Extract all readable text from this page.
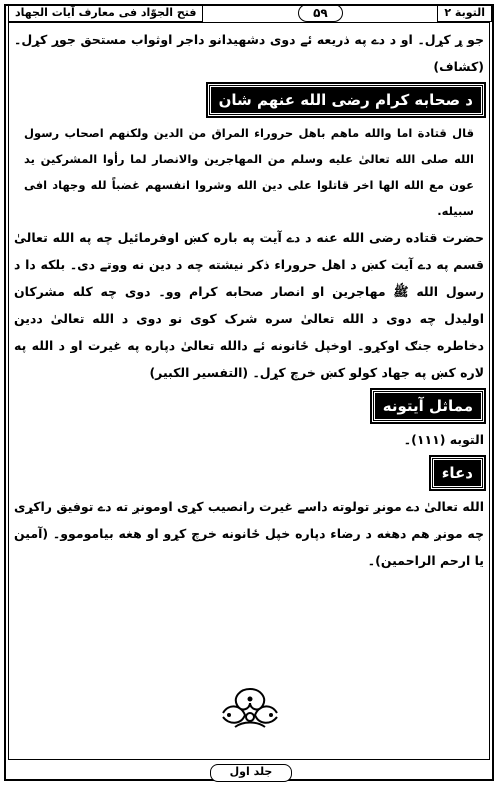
التوبة ۲
۵۹
فتح الجوّاد فی معارف آیات الجهاد

جو ړ کړل۔ او د دے په ذريعه ئے دوی دشهيدانو داجر اوثواب مستحق جوړ کړل۔ (کشاف)

د صحابه کرام رضی الله عنهم شان

قال قتادة اما والله ماهم باهل حروراء المراق من الدين ولكنهم اصحاب رسول الله صلى الله تعالىٰ عليه وسلم من المهاجرين والانصار لما رأوا المشركين يد عون مع الله الها اخر قاتلوا على دين الله وشروا انفسهم غضباً لله وجهاد افی سبیله.

حضرت قتاده رضی الله عنه د دے آیت په باره کښ اوفرمائیل چه په الله تعالیٰ قسم په دے آیت کښ د اهل حروراء ذکر نیشته چه د دین نه ووتے دی۔ بلکه دا د رسول الله ﷺ مهاجرین او انصار صحابه کرام وو۔ دوی چه کله مشرکان اولیدل چه دوی د الله تعالیٰ سره شرک کوی نو دوی د الله تعالیٰ ددین دخاطره جنګ اوکړو۔ اوخپل ځانونه ئے دالله تعالیٰ دپاره په غیرت او د الله په لاره کښ په جهاد کولو کښ خرچ کړل۔ (التفسیر الکبیر)

مماثل آیتونه

التوبه (۱۱۱)۔

دعاء

الله تعالیٰ دے مونږ تولوته داسے غیرت رانصیب کړی اومونږ ته دے توفیق راکړی چه مونږ هم دهغه د رضاء دپاره خپل ځانونه خرچ کړو او هغه بیاموموو۔ (آمین یا ارحم الراحمین)۔

جلد اول
